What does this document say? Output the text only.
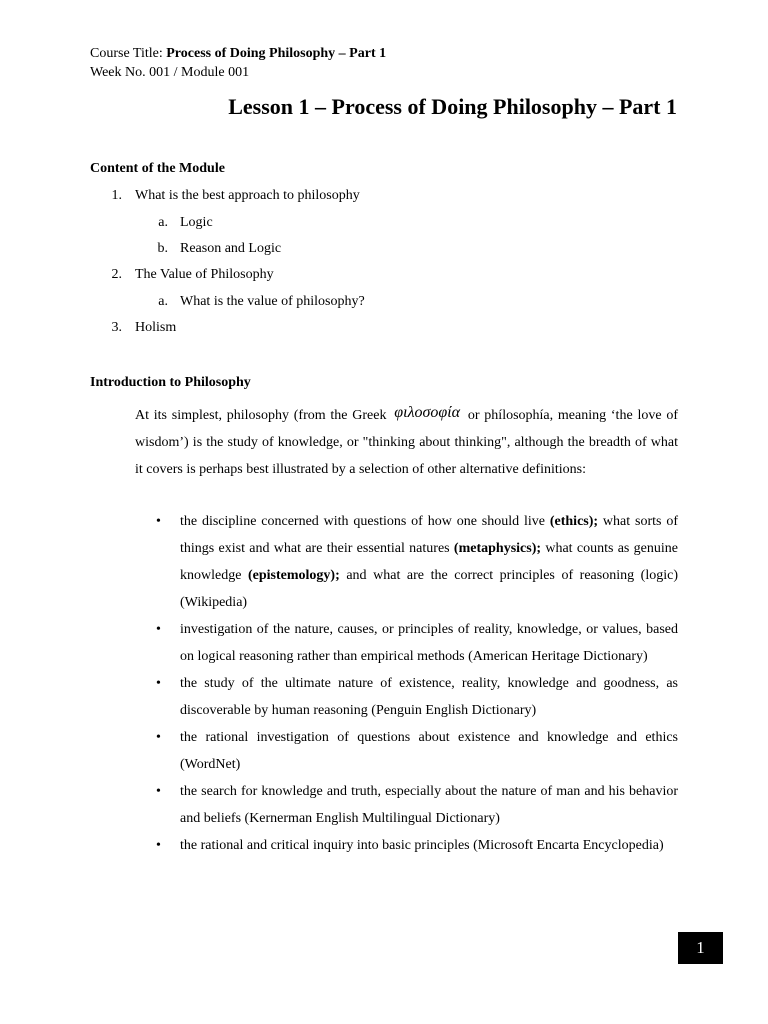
Course Title: Process of Doing Philosophy – Part 1
Week No. 001 / Module 001
Lesson 1 – Process of Doing Philosophy – Part 1
Content of the Module
1. What is the best approach to philosophy
a. Logic
b. Reason and Logic
2. The Value of Philosophy
a. What is the value of philosophy?
3. Holism
Introduction to Philosophy
At its simplest, philosophy (from the Greek φιλοσοφία or phílosophía, meaning ‘the love of wisdom’) is the study of knowledge, or "thinking about thinking", although the breadth of what it covers is perhaps best illustrated by a selection of other alternative definitions:
• the discipline concerned with questions of how one should live (ethics); what sorts of things exist and what are their essential natures (metaphysics); what counts as genuine knowledge (epistemology); and what are the correct principles of reasoning (logic) (Wikipedia)
• investigation of the nature, causes, or principles of reality, knowledge, or values, based on logical reasoning rather than empirical methods (American Heritage Dictionary)
• the study of the ultimate nature of existence, reality, knowledge and goodness, as discoverable by human reasoning (Penguin English Dictionary)
• the rational investigation of questions about existence and knowledge and ethics (WordNet)
• the search for knowledge and truth, especially about the nature of man and his behavior and beliefs (Kernerman English Multilingual Dictionary)
• the rational and critical inquiry into basic principles (Microsoft Encarta Encyclopedia)
1
